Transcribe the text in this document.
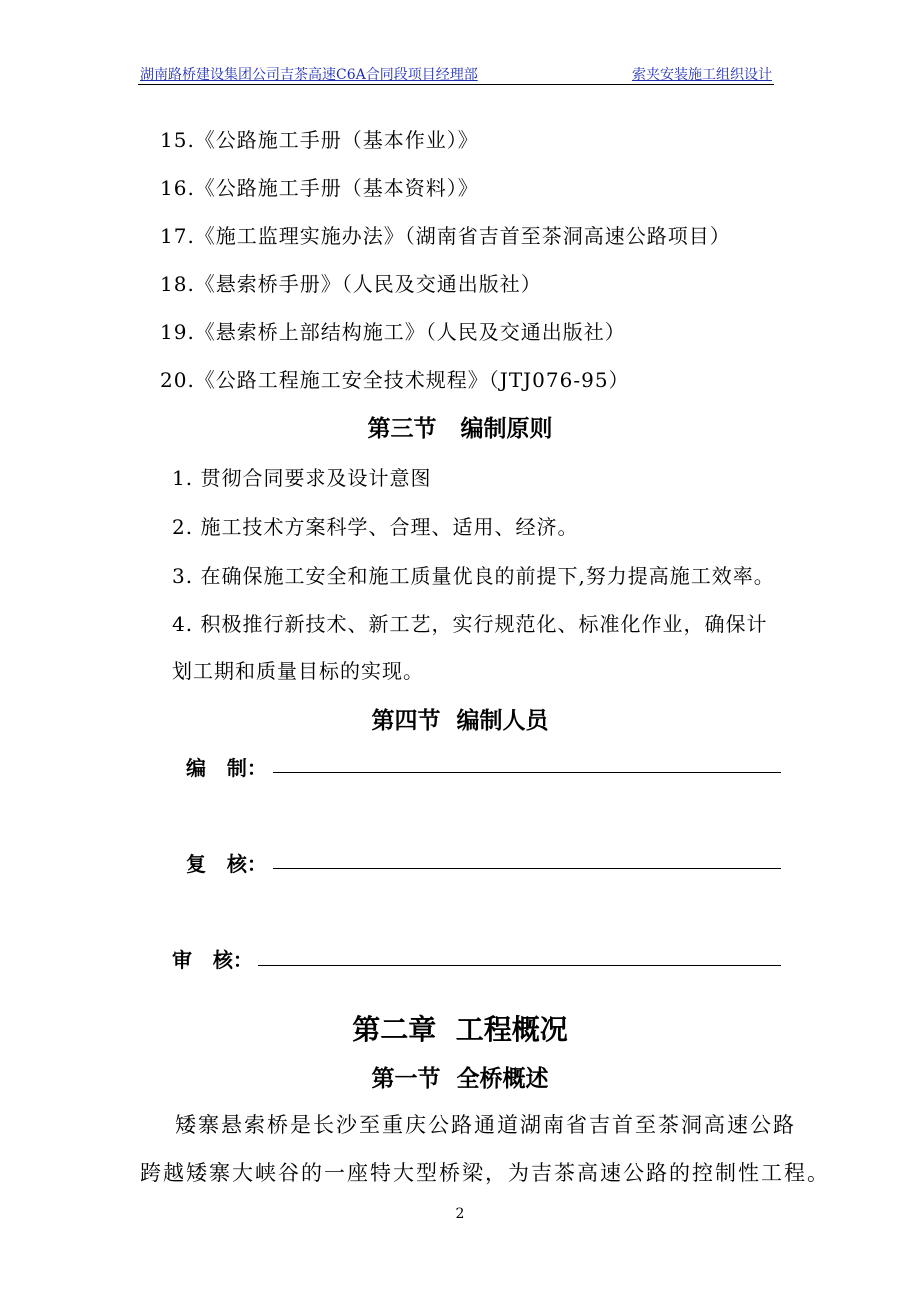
湖南路桥建设集团公司吉茶高速C6A合同段项目经理部	索夹安装施工组织设计
15.《公路施工手册（基本作业）》
16.《公路施工手册（基本资料）》
17.《施工监理实施办法》（湖南省吉首至茶洞高速公路项目）
18.《悬索桥手册》（人民及交通出版社）
19.《悬索桥上部结构施工》（人民及交通出版社）
20.《公路工程施工安全技术规程》（JTJ076-95）
第三节   编制原则
1. 贯彻合同要求及设计意图
2. 施工技术方案科学、合理、适用、经济。
3. 在确保施工安全和施工质量优良的前提下,努力提高施工效率。
4. 积极推行新技术、新工艺，实行规范化、标准化作业，确保计
划工期和质量目标的实现。
第四节  编制人员
编   制：
复   核：
审   核：
第二章  工程概况
第一节  全桥概述
矮寨悬索桥是长沙至重庆公路通道湖南省吉首至茶洞高速公路
跨越矮寨大峡谷的一座特大型桥梁，为吉茶高速公路的控制性工程。
2
